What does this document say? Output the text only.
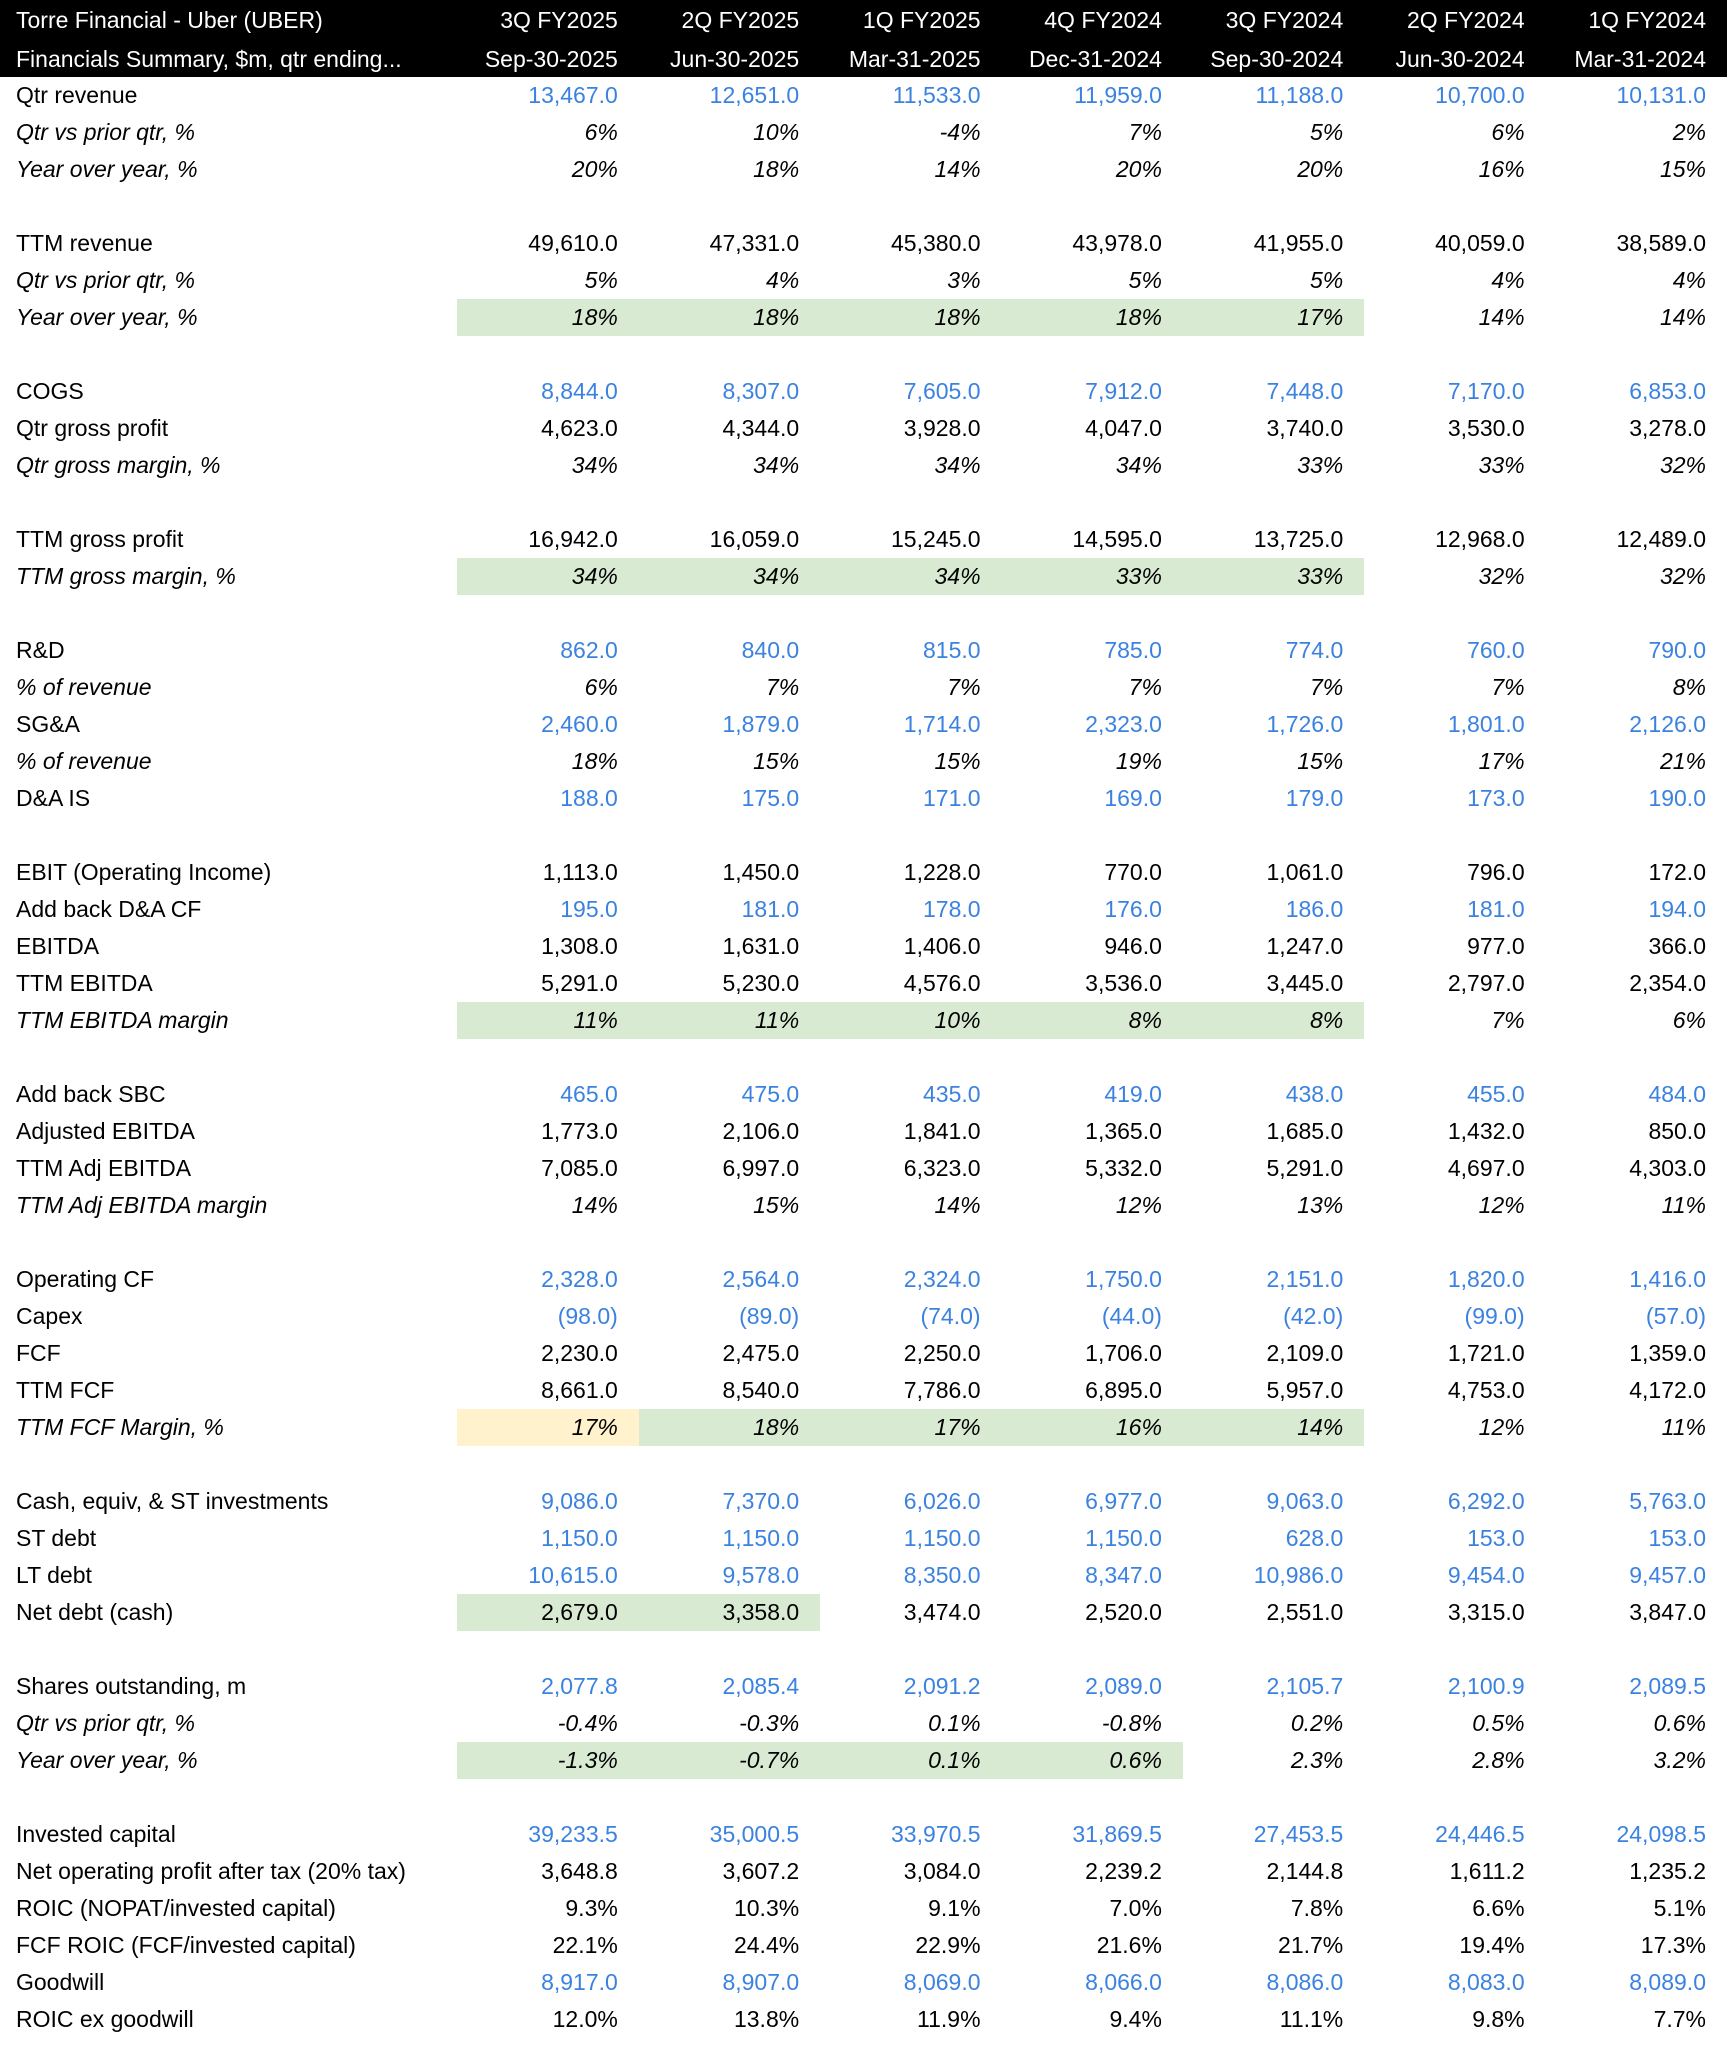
Torre Financial - Uber (UBER)	3Q FY2025	2Q FY2025	1Q FY2025	4Q FY2024	3Q FY2024	2Q FY2024	1Q FY2024
Financials Summary, $m, qtr ending...	Sep-30-2025	Jun-30-2025	Mar-31-2025	Dec-31-2024	Sep-30-2024	Jun-30-2024	Mar-31-2024
Qtr revenue	13,467.0	12,651.0	11,533.0	11,959.0	11,188.0	10,700.0	10,131.0
Qtr vs prior qtr, %	6%	10%	-4%	7%	5%	6%	2%
Year over year, %	20%	18%	14%	20%	20%	16%	15%

TTM revenue	49,610.0	47,331.0	45,380.0	43,978.0	41,955.0	40,059.0	38,589.0
Qtr vs prior qtr, %	5%	4%	3%	5%	5%	4%	4%
Year over year, %	18%	18%	18%	18%	17%	14%	14%

COGS	8,844.0	8,307.0	7,605.0	7,912.0	7,448.0	7,170.0	6,853.0
Qtr gross profit	4,623.0	4,344.0	3,928.0	4,047.0	3,740.0	3,530.0	3,278.0
Qtr gross margin, %	34%	34%	34%	34%	33%	33%	32%

TTM gross profit	16,942.0	16,059.0	15,245.0	14,595.0	13,725.0	12,968.0	12,489.0
TTM gross margin, %	34%	34%	34%	33%	33%	32%	32%

R&D	862.0	840.0	815.0	785.0	774.0	760.0	790.0
% of revenue	6%	7%	7%	7%	7%	7%	8%
SG&A	2,460.0	1,879.0	1,714.0	2,323.0	1,726.0	1,801.0	2,126.0
% of revenue	18%	15%	15%	19%	15%	17%	21%
D&A IS	188.0	175.0	171.0	169.0	179.0	173.0	190.0

EBIT (Operating Income)	1,113.0	1,450.0	1,228.0	770.0	1,061.0	796.0	172.0
Add back D&A CF	195.0	181.0	178.0	176.0	186.0	181.0	194.0
EBITDA	1,308.0	1,631.0	1,406.0	946.0	1,247.0	977.0	366.0
TTM EBITDA	5,291.0	5,230.0	4,576.0	3,536.0	3,445.0	2,797.0	2,354.0
TTM EBITDA margin	11%	11%	10%	8%	8%	7%	6%

Add back SBC	465.0	475.0	435.0	419.0	438.0	455.0	484.0
Adjusted EBITDA	1,773.0	2,106.0	1,841.0	1,365.0	1,685.0	1,432.0	850.0
TTM Adj EBITDA	7,085.0	6,997.0	6,323.0	5,332.0	5,291.0	4,697.0	4,303.0
TTM Adj EBITDA margin	14%	15%	14%	12%	13%	12%	11%

Operating CF	2,328.0	2,564.0	2,324.0	1,750.0	2,151.0	1,820.0	1,416.0
Capex	(98.0)	(89.0)	(74.0)	(44.0)	(42.0)	(99.0)	(57.0)
FCF	2,230.0	2,475.0	2,250.0	1,706.0	2,109.0	1,721.0	1,359.0
TTM FCF	8,661.0	8,540.0	7,786.0	6,895.0	5,957.0	4,753.0	4,172.0
TTM FCF Margin, %	17%	18%	17%	16%	14%	12%	11%

Cash, equiv, & ST investments	9,086.0	7,370.0	6,026.0	6,977.0	9,063.0	6,292.0	5,763.0
ST debt	1,150.0	1,150.0	1,150.0	1,150.0	628.0	153.0	153.0
LT debt	10,615.0	9,578.0	8,350.0	8,347.0	10,986.0	9,454.0	9,457.0
Net debt (cash)	2,679.0	3,358.0	3,474.0	2,520.0	2,551.0	3,315.0	3,847.0

Shares outstanding, m	2,077.8	2,085.4	2,091.2	2,089.0	2,105.7	2,100.9	2,089.5
Qtr vs prior qtr, %	-0.4%	-0.3%	0.1%	-0.8%	0.2%	0.5%	0.6%
Year over year, %	-1.3%	-0.7%	0.1%	0.6%	2.3%	2.8%	3.2%

Invested capital	39,233.5	35,000.5	33,970.5	31,869.5	27,453.5	24,446.5	24,098.5
Net operating profit after tax (20% tax)	3,648.8	3,607.2	3,084.0	2,239.2	2,144.8	1,611.2	1,235.2
ROIC (NOPAT/invested capital)	9.3%	10.3%	9.1%	7.0%	7.8%	6.6%	5.1%
FCF ROIC (FCF/invested capital)	22.1%	24.4%	22.9%	21.6%	21.7%	19.4%	17.3%
Goodwill	8,917.0	8,907.0	8,069.0	8,066.0	8,086.0	8,083.0	8,089.0
ROIC ex goodwill	12.0%	13.8%	11.9%	9.4%	11.1%	9.8%	7.7%
